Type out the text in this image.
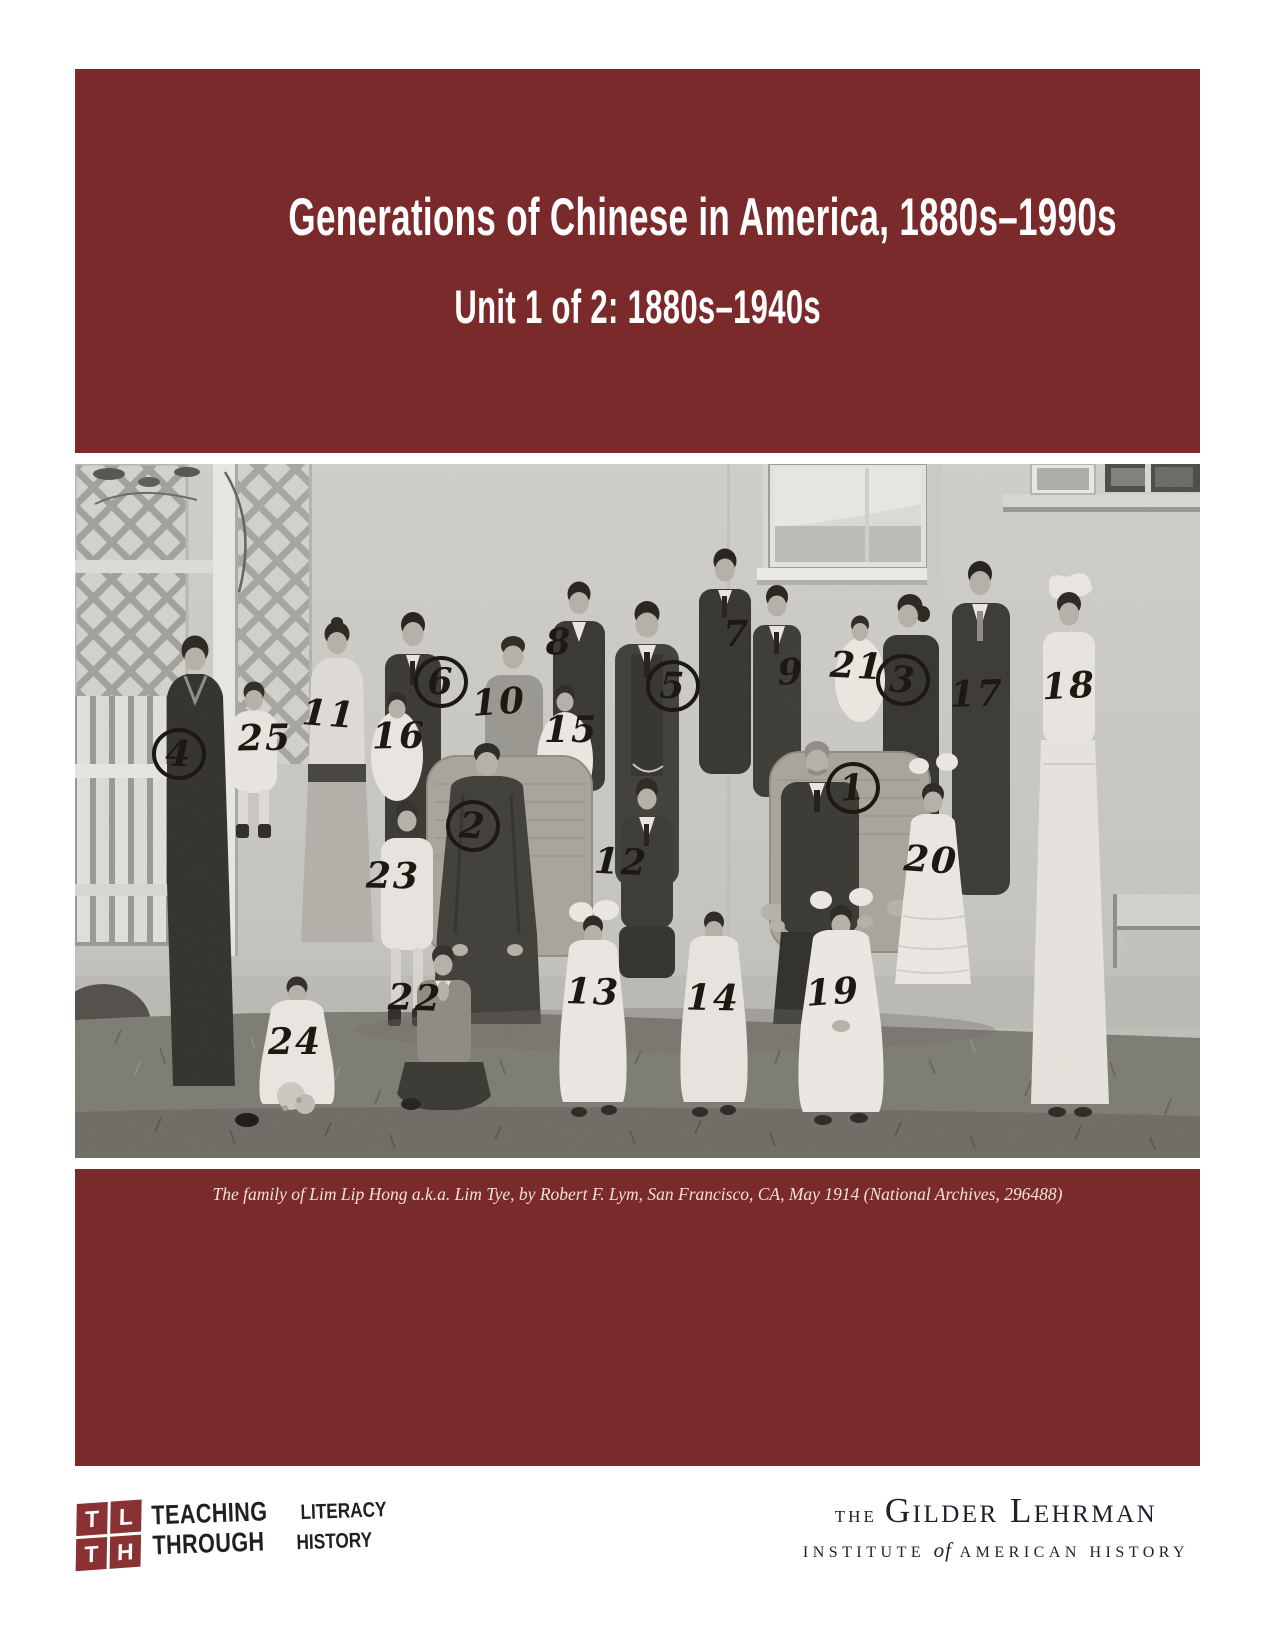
Generations of Chinese in America, 1880s–1990s
Unit 1 of 2: 1880s–1940s

The family of Lim Lip Hong a.k.a. Lim Tye, by Robert F. Lym, San Francisco, CA, May 1914 (National Archives, 296488)

T L
T H
TEACHING LITERACY
THROUGH HISTORY
THE Gilder Lehrman
INSTITUTE of AMERICAN HISTORY
